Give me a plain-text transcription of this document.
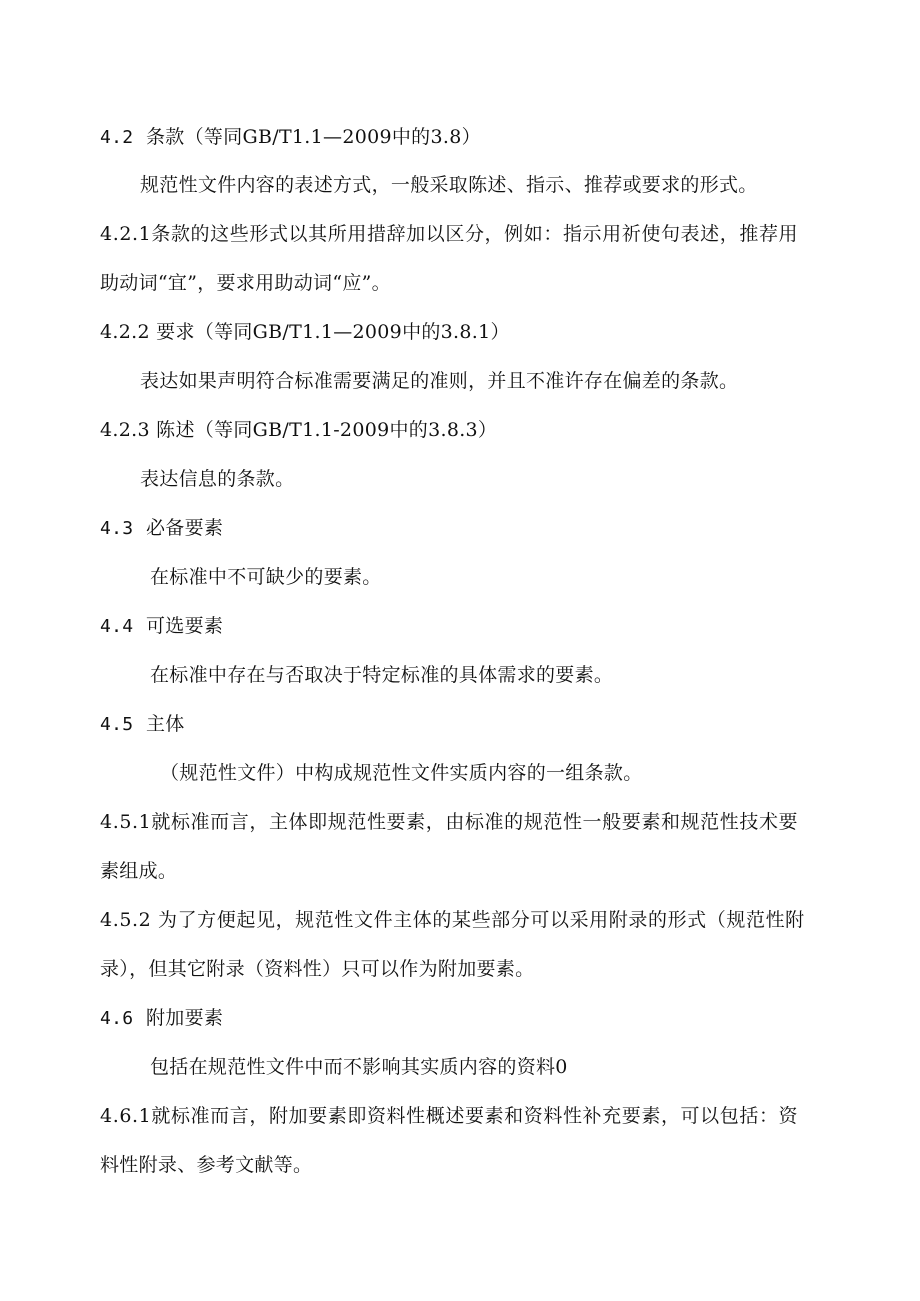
4.2 条款（等同GB/T1.1—2009中的3.8）
规范性文件内容的表述方式，一般采取陈述、指示、推荐或要求的形式。
4.2.1条款的这些形式以其所用措辞加以区分，例如：指示用祈使句表述，推荐用
助动词“宜”，要求用助动词“应”。
4.2.2 要求（等同GB/T1.1—2009中的3.8.1）
表达如果声明符合标准需要满足的准则，并且不准许存在偏差的条款。
4.2.3 陈述（等同GB/T1.1-2009中的3.8.3）
表达信息的条款。
4.3 必备要素
在标准中不可缺少的要素。
4.4 可选要素
在标准中存在与否取决于特定标准的具体需求的要素。
4.5 主体
（规范性文件）中构成规范性文件实质内容的一组条款。
4.5.1就标准而言，主体即规范性要素，由标准的规范性一般要素和规范性技术要
素组成。
4.5.2 为了方便起见，规范性文件主体的某些部分可以采用附录的形式（规范性附
录），但其它附录（资料性）只可以作为附加要素。
4.6 附加要素
包括在规范性文件中而不影响其实质内容的资料0
4.6.1就标准而言，附加要素即资料性概述要素和资料性补充要素，可以包括：资
料性附录、参考文献等。
